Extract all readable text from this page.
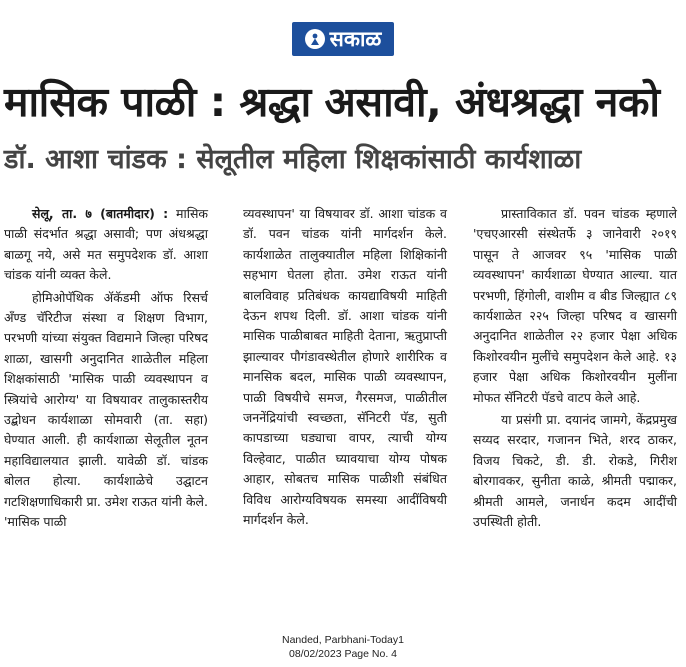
सकाळ
मासिक पाळी : श्रद्धा असावी, अंधश्रद्धा नको
डॉ. आशा चांडक : सेलूतील महिला शिक्षकांसाठी कार्यशाळा

सेलू, ता. ७ (बातमीदार) : मासिक पाळी संदर्भात श्रद्धा असावी; पण अंधश्रद्धा बाळगू नये, असे मत समुपदेशक डॉ. आशा चांडक यांनी व्यक्त केले.

होमिओपॅथिक ॲकॅडमी ऑफ रिसर्च अँण्ड चॅरिटीज संस्था व शिक्षण विभाग, परभणी यांच्या संयुक्त विद्यमाने जिल्हा परिषद शाळा, खासगी अनुदानित शाळेतील महिला शिक्षकांसाठी 'मासिक पाळी व्यवस्थापन व स्त्रियांचे आरोग्य' या विषयावर तालुकास्तरीय उद्बोधन कार्यशाळा सोमवारी (ता. सहा) घेण्यात आली. ही कार्यशाळा सेलूतील नूतन महाविद्यालयात झाली. यावेळी डॉ. चांडक बोलत होत्या. कार्यशाळेचे उद्घाटन गटशिक्षणाधिकारी प्रा. उमेश राऊत यांनी केले. 'मासिक पाळी

व्यवस्थापन' या विषयावर डॉ. आशा चांडक व डॉ. पवन चांडक यांनी मार्गदर्शन केले. कार्यशाळेत तालुक्यातील महिला शिक्षिकांनी सहभाग घेतला होता. उमेश राऊत यांनी बालविवाह प्रतिबंधक कायद्याविषयी माहिती देऊन शपथ दिली. डॉ. आशा चांडक यांनी मासिक पाळीबाबत माहिती देताना, ऋतुप्राप्ती झाल्यावर पौगंडावस्थेतील होणारे शारीरिक व मानसिक बदल, मासिक पाळी व्यवस्थापन, पाळी विषयीचे समज, गैरसमज, पाळीतील जननेंद्रियांची स्वच्छता, सॅनिटरी पॅड, सुती कापडाच्या घड्याचा वापर, त्याची योग्य विल्हेवाट, पाळीत घ्यावयाचा योग्य पोषक आहार, सोबतच मासिक पाळीशी संबंधित विविध आरोग्यविषयक समस्या आदींविषयी मार्गदर्शन केले.

प्रास्ताविकात डॉ. पवन चांडक म्हणाले 'एचएआरसी संस्थेतर्फे ३ जानेवारी २०१९ पासून ते आजवर ९५ 'मासिक पाळी व्यवस्थापन' कार्यशाळा घेण्यात आल्या. यात परभणी, हिंगोली, वाशीम व बीड जिल्ह्यात ८९ कार्यशाळेत २२५ जिल्हा परिषद व खासगी अनुदानित शाळेतील २२ हजार पेक्षा अधिक किशोरवयीन मुलींचे समुपदेशन केले आहे. १३ हजार पेक्षा अधिक किशोरवयीन मुलींना मोफत सॅनिटरी पॅडचे वाटप केले आहे.

या प्रसंगी प्रा. दयानंद जामगे, केंद्रप्रमुख सय्यद सरदार, गजानन भिते, शरद ठाकर, विजय चिकटे, डी. डी. रोकडे, गिरीश बोरगावकर, सुनीता काळे, श्रीमती पद्माकर, श्रीमती आमले, जनार्धन कदम आदींची उपस्थिती होती.

Nanded, Parbhani-Today1
08/02/2023 Page No. 4
